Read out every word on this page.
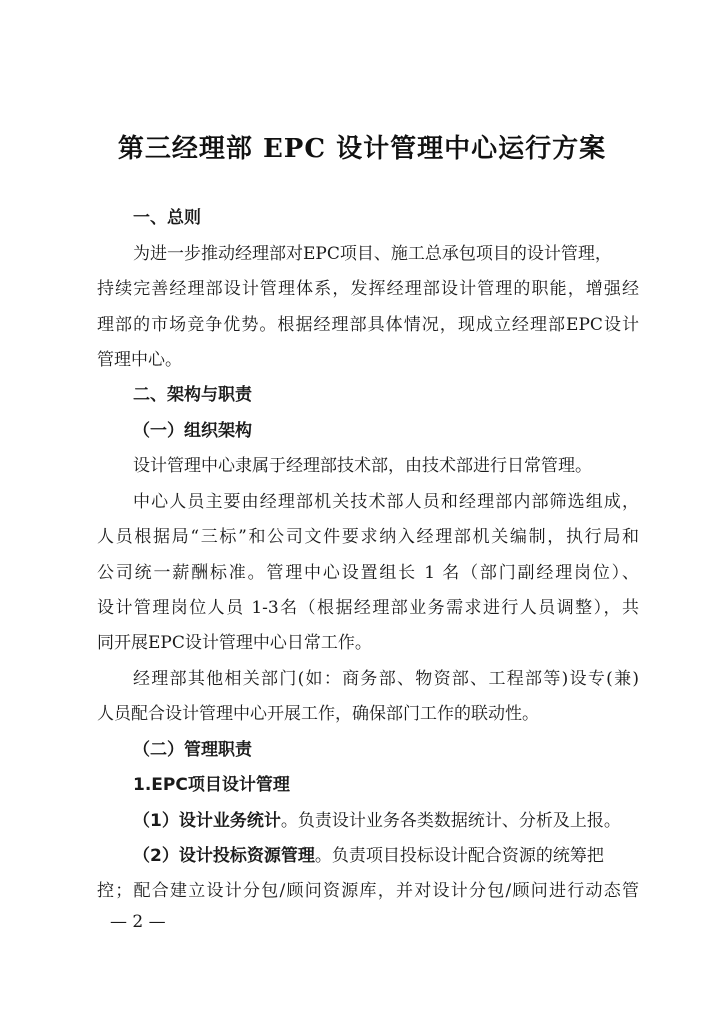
第三经理部 EPC 设计管理中心运行方案
一、总则
为进一步推动经理部对EPC项目、施工总承包项目的设计管理，
持续完善经理部设计管理体系，发挥经理部设计管理的职能，增强经
理部的市场竞争优势。根据经理部具体情况，现成立经理部EPC设计
管理中心。
二、架构与职责
（一）组织架构
设计管理中心隶属于经理部技术部，由技术部进行日常管理。
中心人员主要由经理部机关技术部人员和经理部内部筛选组成，
人员根据局“三标”和公司文件要求纳入经理部机关编制，执行局和
公司统一薪酬标准。管理中心设置组长 1 名（部门副经理岗位）、
设计管理岗位人员 1-3名（根据经理部业务需求进行人员调整），共
同开展EPC设计管理中心日常工作。
经理部其他相关部门(如：商务部、物资部、工程部等)设专(兼)
人员配合设计管理中心开展工作，确保部门工作的联动性。
（二）管理职责
1.EPC项目设计管理
（1）设计业务统计。负责设计业务各类数据统计、分析及上报。
（2）设计投标资源管理。负责项目投标设计配合资源的统筹把
控；配合建立设计分包/顾问资源库，并对设计分包/顾问进行动态管
— 2 —
